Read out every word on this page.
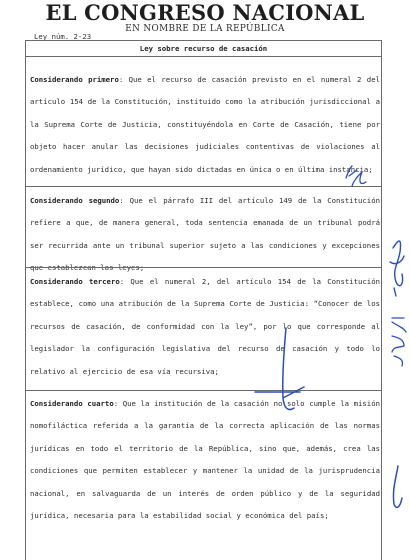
EL CONGRESO NACIONAL
EN NOMBRE DE LA REPÚBLICA
Ley núm. 2-23
Ley sobre recurso de casación
Considerando primero: Que el recurso de casación previsto en el numeral 2 del artículo 154 de la Constitución, instituido como la atribución jurisdiccional a la Suprema Corte de Justicia, constituyéndola en Corte de Casación, tiene por objeto hacer anular las decisiones judiciales contentivas de violaciones al ordenamiento jurídico, que hayan sido dictadas en única o en última instancia;
Considerando segundo: Que el párrafo III del artículo 149 de la Constitución refiere a que, de manera general, toda sentencia emanada de un tribunal podrá ser recurrida ante un tribunal superior sujeto a las condiciones y excepciones que establezcan las leyes;
Considerando tercero: Que el numeral 2, del artículo 154 de la Constitución establece, como una atribución de la Suprema Corte de Justicia: “Conocer de los recursos de casación, de conformidad con la ley”, por lo que corresponde al legislador la configuración legislativa del recurso de casación y todo lo relativo al ejercicio de esa vía recursiva;
Considerando cuarto: Que la institución de la casación no solo cumple la misión nomofiláctica referida a la garantía de la correcta aplicación de las normas jurídicas en todo el territorio de la República, sino que, además, crea las condiciones que permiten establecer y mantener la unidad de la jurisprudencia nacional, en salvaguarda de un interés de orden público y de la seguridad jurídica, necesaria para la estabilidad social y económica del país;
